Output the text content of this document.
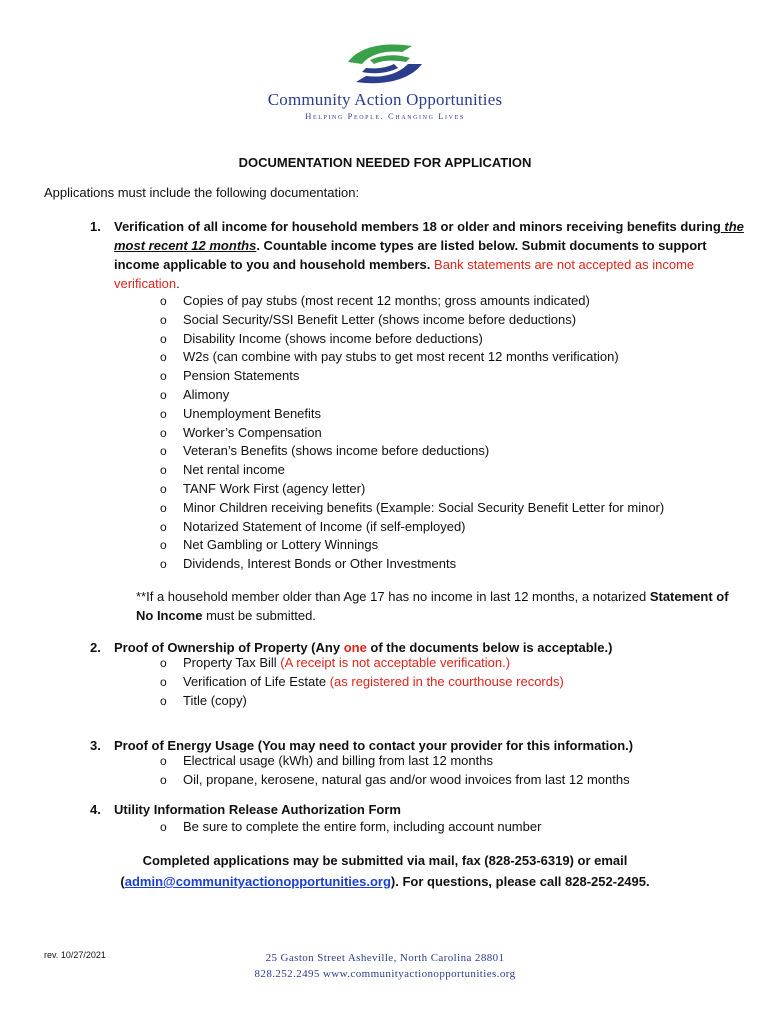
Community Action Opportunities
Helping People. Changing Lives
DOCUMENTATION NEEDED FOR APPLICATION
Applications must include the following documentation:
1. Verification of all income for household members 18 or older and minors receiving benefits during the most recent 12 months. Countable income types are listed below. Submit documents to support income applicable to you and household members. Bank statements are not accepted as income verification.
o Copies of pay stubs (most recent 12 months; gross amounts indicated)
o Social Security/SSI Benefit Letter (shows income before deductions)
o Disability Income (shows income before deductions)
o W2s (can combine with pay stubs to get most recent 12 months verification)
o Pension Statements
o Alimony
o Unemployment Benefits
o Worker’s Compensation
o Veteran’s Benefits (shows income before deductions)
o Net rental income
o TANF Work First (agency letter)
o Minor Children receiving benefits (Example: Social Security Benefit Letter for minor)
o Notarized Statement of Income (if self-employed)
o Net Gambling or Lottery Winnings
o Dividends, Interest Bonds or Other Investments
**If a household member older than Age 17 has no income in last 12 months, a notarized Statement of No Income must be submitted.
2. Proof of Ownership of Property (Any one of the documents below is acceptable.)
o Property Tax Bill (A receipt is not acceptable verification.)
o Verification of Life Estate (as registered in the courthouse records)
o Title (copy)
3. Proof of Energy Usage (You may need to contact your provider for this information.)
o Electrical usage (kWh) and billing from last 12 months
o Oil, propane, kerosene, natural gas and/or wood invoices from last 12 months
4. Utility Information Release Authorization Form
o Be sure to complete the entire form, including account number
Completed applications may be submitted via mail, fax (828-253-6319) or email
(admin@communityactionopportunities.org). For questions, please call 828-252-2495.
rev. 10/27/2021	25 Gaston Street Asheville, North Carolina 28801
828.252.2495 www.communityactionopportunities.org
